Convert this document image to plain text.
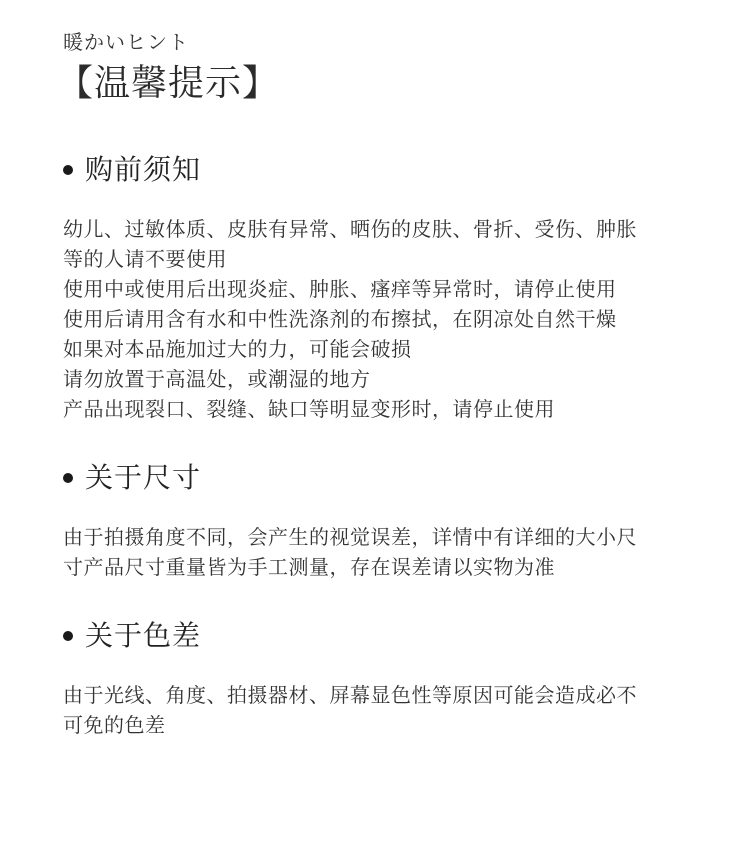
暖かいヒント

【温馨提示】
购前须知
幼儿、过敏体质、皮肤有异常、晒伤的皮肤、骨折、受伤、肿胀
等的人请不要使用
使用中或使用后出现炎症、肿胀、瘙痒等异常时，请停止使用
使用后请用含有水和中性洗涤剂的布擦拭，在阴凉处自然干燥
如果对本品施加过大的力，可能会破损
请勿放置于高温处，或潮湿的地方
产品出现裂口、裂缝、缺口等明显变形时，请停止使用
关于尺寸
由于拍摄角度不同，会产生的视觉误差，详情中有详细的大小尺
寸产品尺寸重量皆为手工测量，存在误差请以实物为准
关于色差
由于光线、角度、拍摄器材、屏幕显色性等原因可能会造成必不
可免的色差
